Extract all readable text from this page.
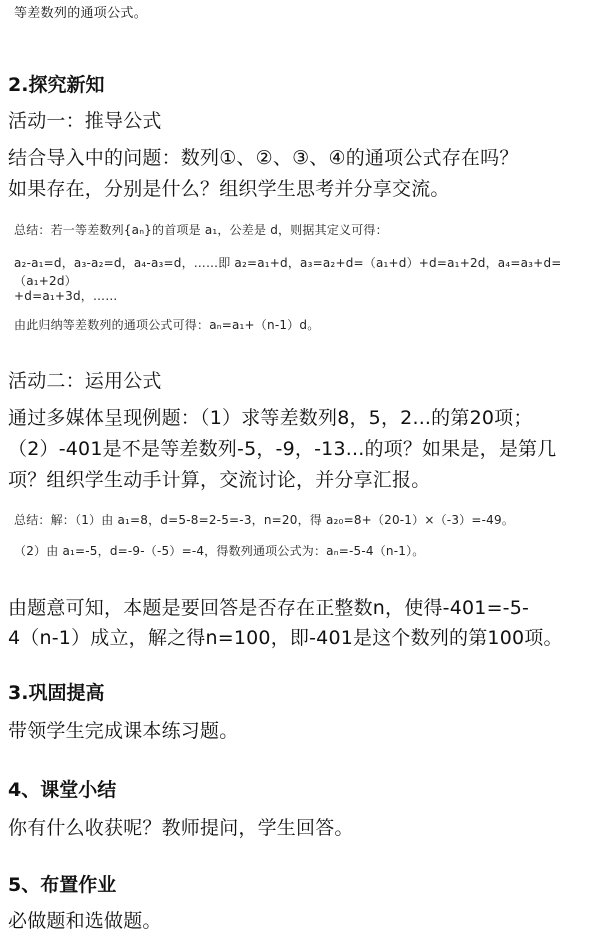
等差数列的通项公式。
2.探究新知
活动一：推导公式
结合导入中的问题：数列①、②、③、④的通项公式存在吗？
如果存在，分别是什么？组织学生思考并分享交流。
总结：若一等差数列{aₙ}的首项是 a₁，公差是 d，则据其定义可得：
a₂-a₁=d，a₃-a₂=d，a₄-a₃=d，……即 a₂=a₁+d，a₃=a₂+d=（a₁+d）+d=a₁+2d，a₄=a₃+d=（a₁+2d）
+d=a₁+3d，……
由此归纳等差数列的通项公式可得：aₙ=a₁+（n-1）d。
活动二：运用公式
通过多媒体呈现例题：（1）求等差数列8，5，2...的第20项；
（2）-401是不是等差数列-5，-9，-13...的项？如果是，是第几
项？组织学生动手计算，交流讨论，并分享汇报。
总结：解：（1）由 a₁=8，d=5-8=2-5=-3，n=20，得 a₂₀=8+（20-1）×（-3）=-49。
（2）由 a₁=-5，d=-9-（-5）=-4，得数列通项公式为：aₙ=-5-4（n-1）。
由题意可知，本题是要回答是否存在正整数n，使得-401=-5-
4（n-1）成立，解之得n=100，即-401是这个数列的第100项。
3.巩固提高
带领学生完成课本练习题。
4、课堂小结
你有什么收获呢？教师提问，学生回答。
5、布置作业
必做题和选做题。
